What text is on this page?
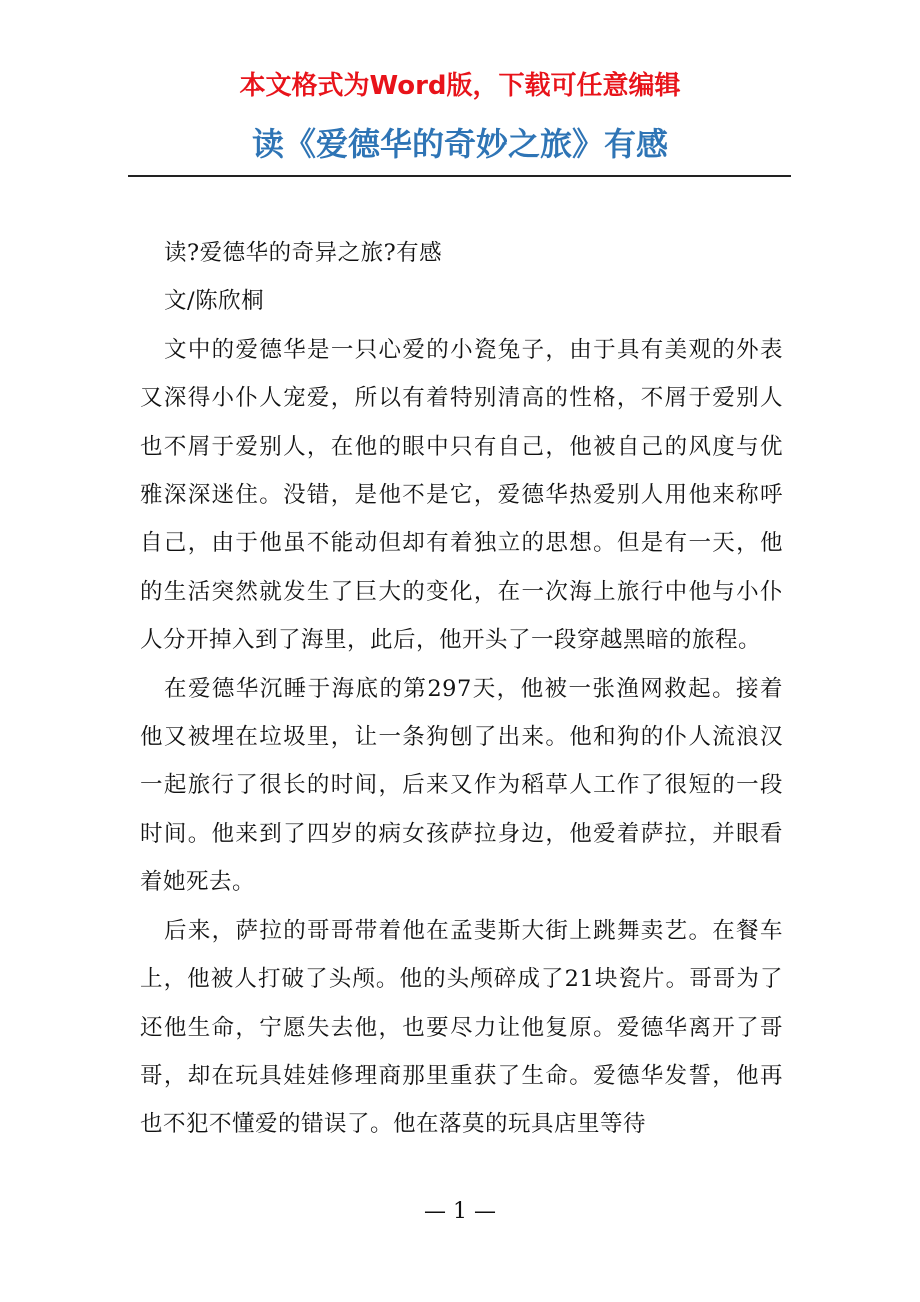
本文格式为Word版，下载可任意编辑
读《爱德华的奇妙之旅》有感

读?爱德华的奇异之旅?有感

文/陈欣桐

文中的爱德华是一只心爱的小瓷兔子，由于具有美观的外表又深得小仆人宠爱，所以有着特别清高的性格，不屑于爱别人也不屑于爱别人，在他的眼中只有自己，他被自己的风度与优雅深深迷住。没错，是他不是它，爱德华热爱别人用他来称呼自己，由于他虽不能动但却有着独立的思想。但是有一天，他的生活突然就发生了巨大的变化，在一次海上旅行中他与小仆人分开掉入到了海里，此后，他开头了一段穿越黑暗的旅程。

在爱德华沉睡于海底的第297天，他被一张渔网救起。接着他又被埋在垃圾里，让一条狗刨了出来。他和狗的仆人流浪汉一起旅行了很长的时间，后来又作为稻草人工作了很短的一段时间。他来到了四岁的病女孩萨拉身边，他爱着萨拉，并眼看着她死去。

后来，萨拉的哥哥带着他在孟斐斯大街上跳舞卖艺。在餐车上，他被人打破了头颅。他的头颅碎成了21块瓷片。哥哥为了还他生命，宁愿失去他，也要尽力让他复原。爱德华离开了哥哥，却在玩具娃娃修理商那里重获了生命。爱德华发誓，他再也不犯不懂爱的错误了。他在落莫的玩具店里等待

— 1 —
